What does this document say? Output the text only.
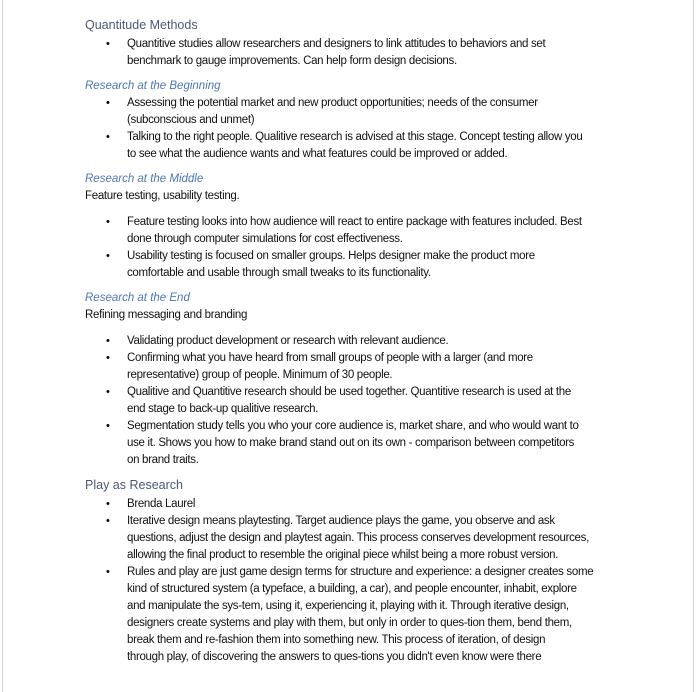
Quantitude Methods
• Quantitive studies allow researchers and designers to link attitudes to behaviors and set
benchmark to gauge improvements. Can help form design decisions.
Research at the Beginning
• Assessing the potential market and new product opportunities; needs of the consumer
(subconscious and unmet)
• Talking to the right people. Qualitive research is advised at this stage. Concept testing allow you
to see what the audience wants and what features could be improved or added.
Research at the Middle
Feature testing, usability testing.
• Feature testing looks into how audience will react to entire package with features included. Best
done through computer simulations for cost effectiveness.
• Usability testing is focused on smaller groups. Helps designer make the product more
comfortable and usable through small tweaks to its functionality.
Research at the End
Refining messaging and branding
• Validating product development or research with relevant audience.
• Confirming what you have heard from small groups of people with a larger (and more
representative) group of people. Minimum of 30 people.
• Qualitive and Quantitive research should be used together. Quantitive research is used at the
end stage to back-up qualitive research.
• Segmentation study tells you who your core audience is, market share, and who would want to
use it. Shows you how to make brand stand out on its own - comparison between competitors
on brand traits.
Play as Research
• Brenda Laurel
• Iterative design means playtesting. Target audience plays the game, you observe and ask
questions, adjust the design and playtest again. This process conserves development resources,
allowing the final product to resemble the original piece whilst being a more robust version.
• Rules and play are just game design terms for structure and experience: a designer creates some
kind of structured system (a typeface, a building, a car), and people encounter, inhabit, explore
and manipulate the sys-tem, using it, experiencing it, playing with it. Through iterative design,
designers create systems and play with them, but only in order to ques-tion them, bend them,
break them and re-fashion them into something new. This process of iteration, of design
through play, of discovering the answers to ques-tions you didn't even know were there
